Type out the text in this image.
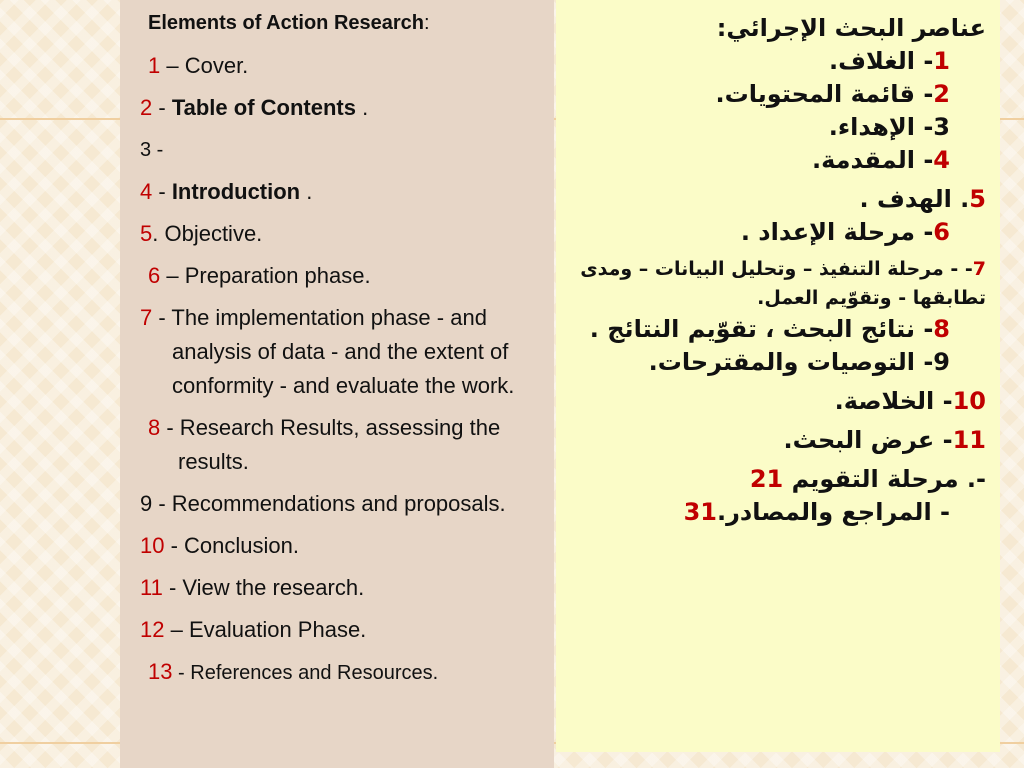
Elements of Action Research:
1 – Cover.
2 - Table of Contents .
3 -
4 - Introduction .
5. Objective.
6 – Preparation phase.
7 - The implementation phase - and analysis of data - and the extent of conformity - and evaluate the work.
8 - Research Results, assessing the results.
9 - Recommendations and proposals.
10 - Conclusion.
11 - View the research.
12 – Evaluation Phase.
13 - References and Resources.
عناصر البحث الإجرائي:
1- الغلاف.
2- قائمة المحتويات.
3- الإهداء.
4- المقدمة.
5. الهدف .
6- مرحلة الإعداد .
7- - مرحلة التنفيذ – وتحليل البيانات – ومدى تطابقها - وتقوّيم العمل.
8- نتائج البحث ، تقوّيم النتائج .
9- التوصيات والمقترحات.
10- الخلاصة.
11- عرض البحث.
-. مرحلة التقويم 21
- المراجع والمصادر.31
